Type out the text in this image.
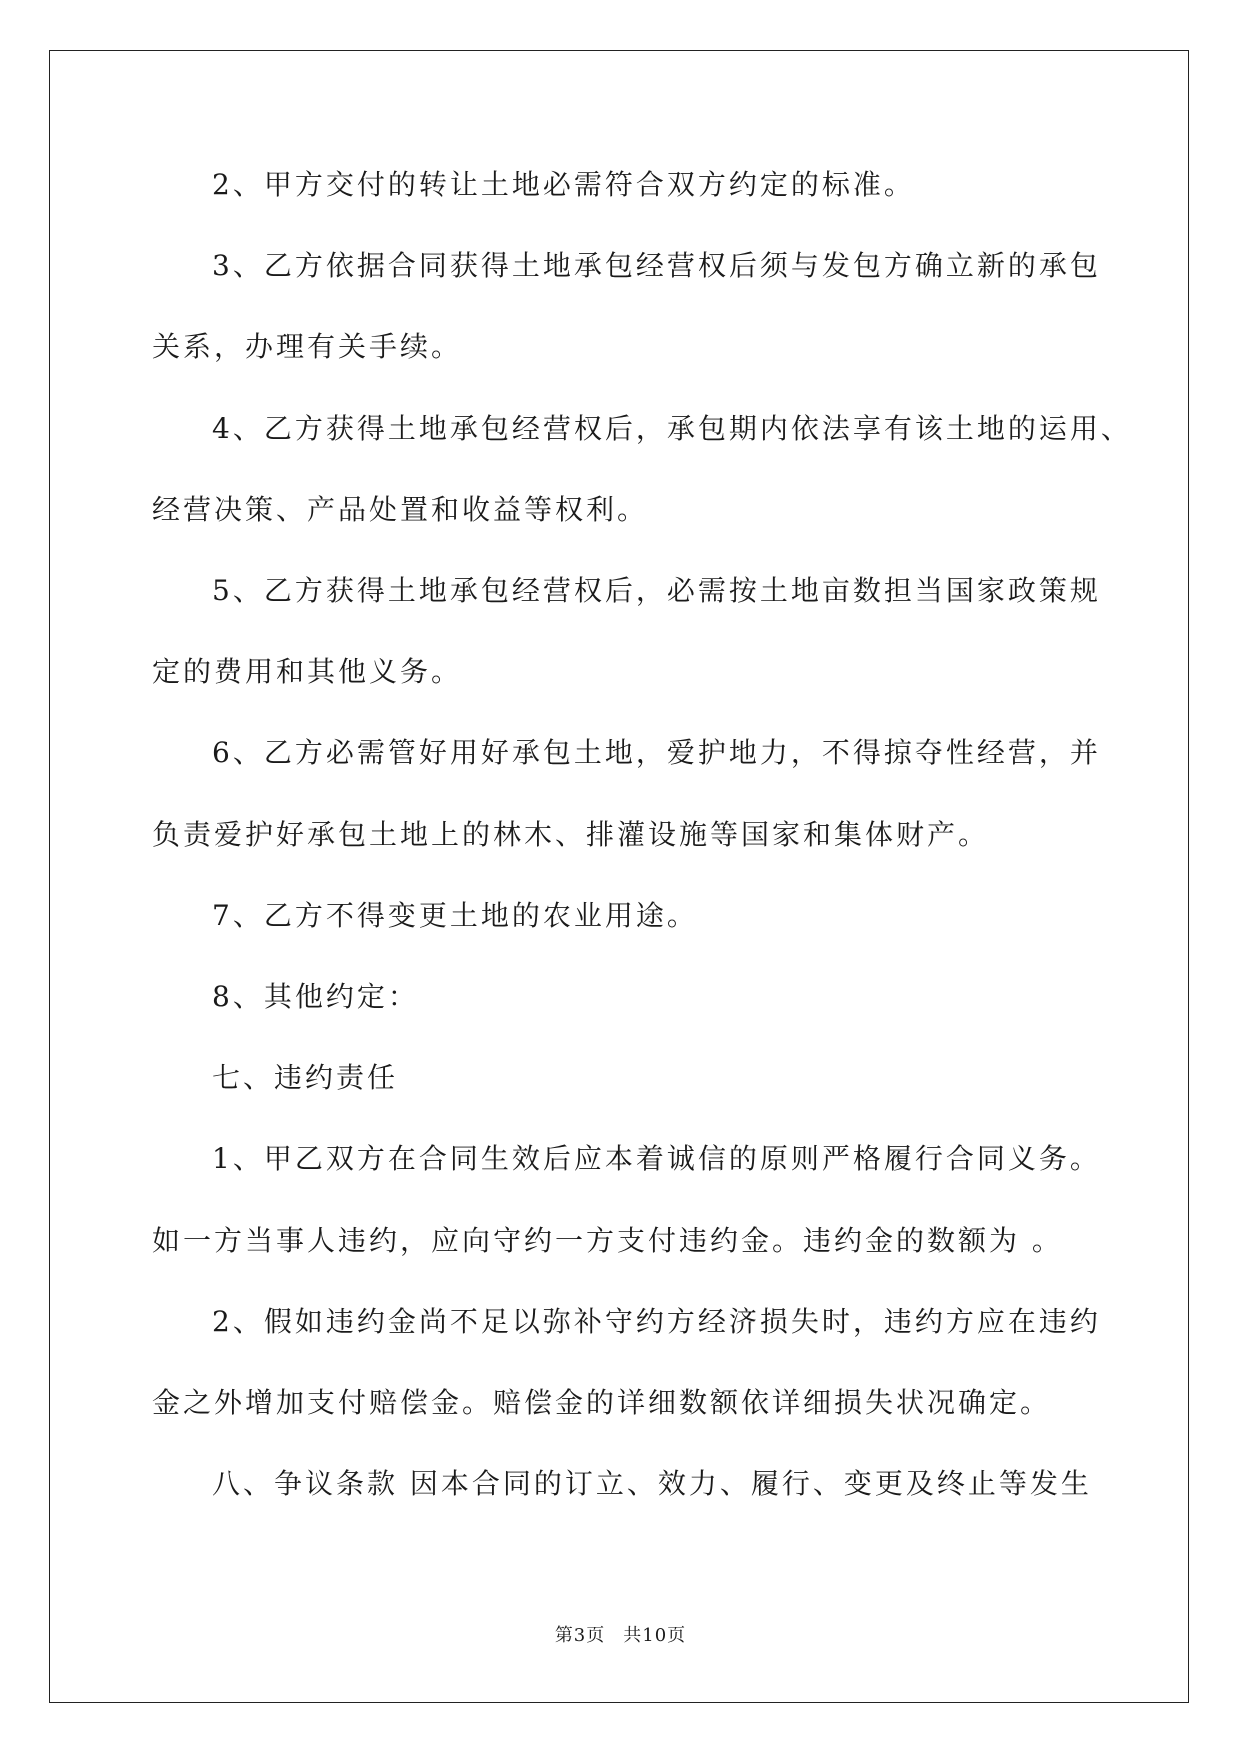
2、甲方交付的转让土地必需符合双方约定的标准。

3、乙方依据合同获得土地承包经营权后须与发包方确立新的承包

关系，办理有关手续。

4、乙方获得土地承包经营权后，承包期内依法享有该土地的运用、

经营决策、产品处置和收益等权利。

5、乙方获得土地承包经营权后，必需按土地亩数担当国家政策规

定的费用和其他义务。

6、乙方必需管好用好承包土地，爱护地力，不得掠夺性经营，并

负责爱护好承包土地上的林木、排灌设施等国家和集体财产。

7、乙方不得变更土地的农业用途。

8、其他约定：

七、违约责任

1、甲乙双方在合同生效后应本着诚信的原则严格履行合同义务。

如一方当事人违约，应向守约一方支付违约金。违约金的数额为 。

2、假如违约金尚不足以弥补守约方经济损失时，违约方应在违约

金之外增加支付赔偿金。赔偿金的详细数额依详细损失状况确定。

八、争议条款 因本合同的订立、效力、履行、变更及终止等发生

第3页 共10页
